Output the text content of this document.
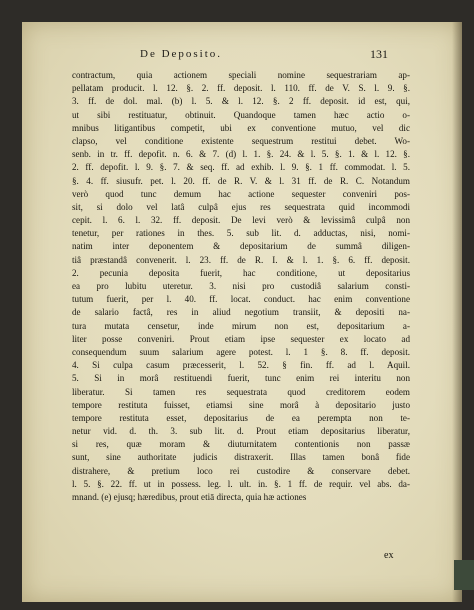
De Deposito.	131
contractum, quia actionem speciali nomine sequestrariam ap-
pellatam producit. l. 12. §. 2. ff. deposit. l. 110. ff. de V. S. l. 9. §.
3. ff. de dol. mal. (b) l. 5. & l. 12. §. 2 ff. deposit. id est, qui,
ut sibi restituatur, obtinuit. Quandoque tamen hæc actio o-
mnibus litigantibus competit, ubi ex conventione mutuo, vel dic
clapso, vel conditione existente sequestrum restitui debet. Wo-
senb. in tr. ff. depofit. n. 6. & 7. (d) l. 1. §. 24. & l. 5. §. 1. & l. 12. §.
2. ff. depofit. l. 9. §. 7. & seq. ff. ad exhib. l. 9. §. 1 ff. commodat. l. 5.
§. 4. ff. siusufr. pet. l. 20. ff. de R. V. & l. 31 ff. de R. C. Notandum
verò quod tunc demum hac actione sequester conveniri pos-
sit, si dolo vel latâ culpâ ejus res sequestrata quid incommodi
cepit. l. 6. l. 32. ff. deposit. De levi verò & levissimâ culpâ non
tenetur, per rationes in thes. 5. sub lit. d. adductas, nisi, nomi-
natim inter deponentem & depositarium de summâ diligen-
tiâ præstandâ convenerit. l. 23. ff. de R. I. & l. 1. §. 6. ff. deposit.
2. pecunia deposita fuerit, hac conditione, ut depositarius
ea pro lubitu uteretur. 3. nisi pro custodiâ salarium consti-
tutum fuerit, per l. 40. ff. locat. conduct. hac enim conventione
de salario factâ, res in aliud negotium transiit, & depositi na-
tura mutata censetur, inde mirum non est, depositarium a-
liter posse conveniri. Prout etiam ipse sequester ex locato ad
consequendum suum salarium agere potest. l. 1 §. 8. ff. deposit.
4. Si culpa casum præcesserit, l. 52. § fin. ff. ad l. Aquil.
5. Si in morâ restituendi fuerit, tunc enim rei interitu non
liberatur. Si tamen res sequestrata quod creditorem eodem
tempore restituta fuisset, etiamsi sine morâ à depositario justo
tempore restituta esset, depositarius de ea perempta non te-
netur vid. d. th. 3. sub lit. d. Prout etiam depositarius liberatur,
si res, quæ moram & diuturnitatem contentionis non passæ
sunt, sine authoritate judicis distraxerit. Illas tamen bonâ fide
distrahere, & pretium loco rei custodire & conservare debet.
l. 5. §. 22. ff. ut in possess. leg. l. ult. in. §. 1 ff. de requir. vel abs. da-
mnand. (e) ejusq; hæredibus, prout etiā directa, quia hæ actiones
ex
